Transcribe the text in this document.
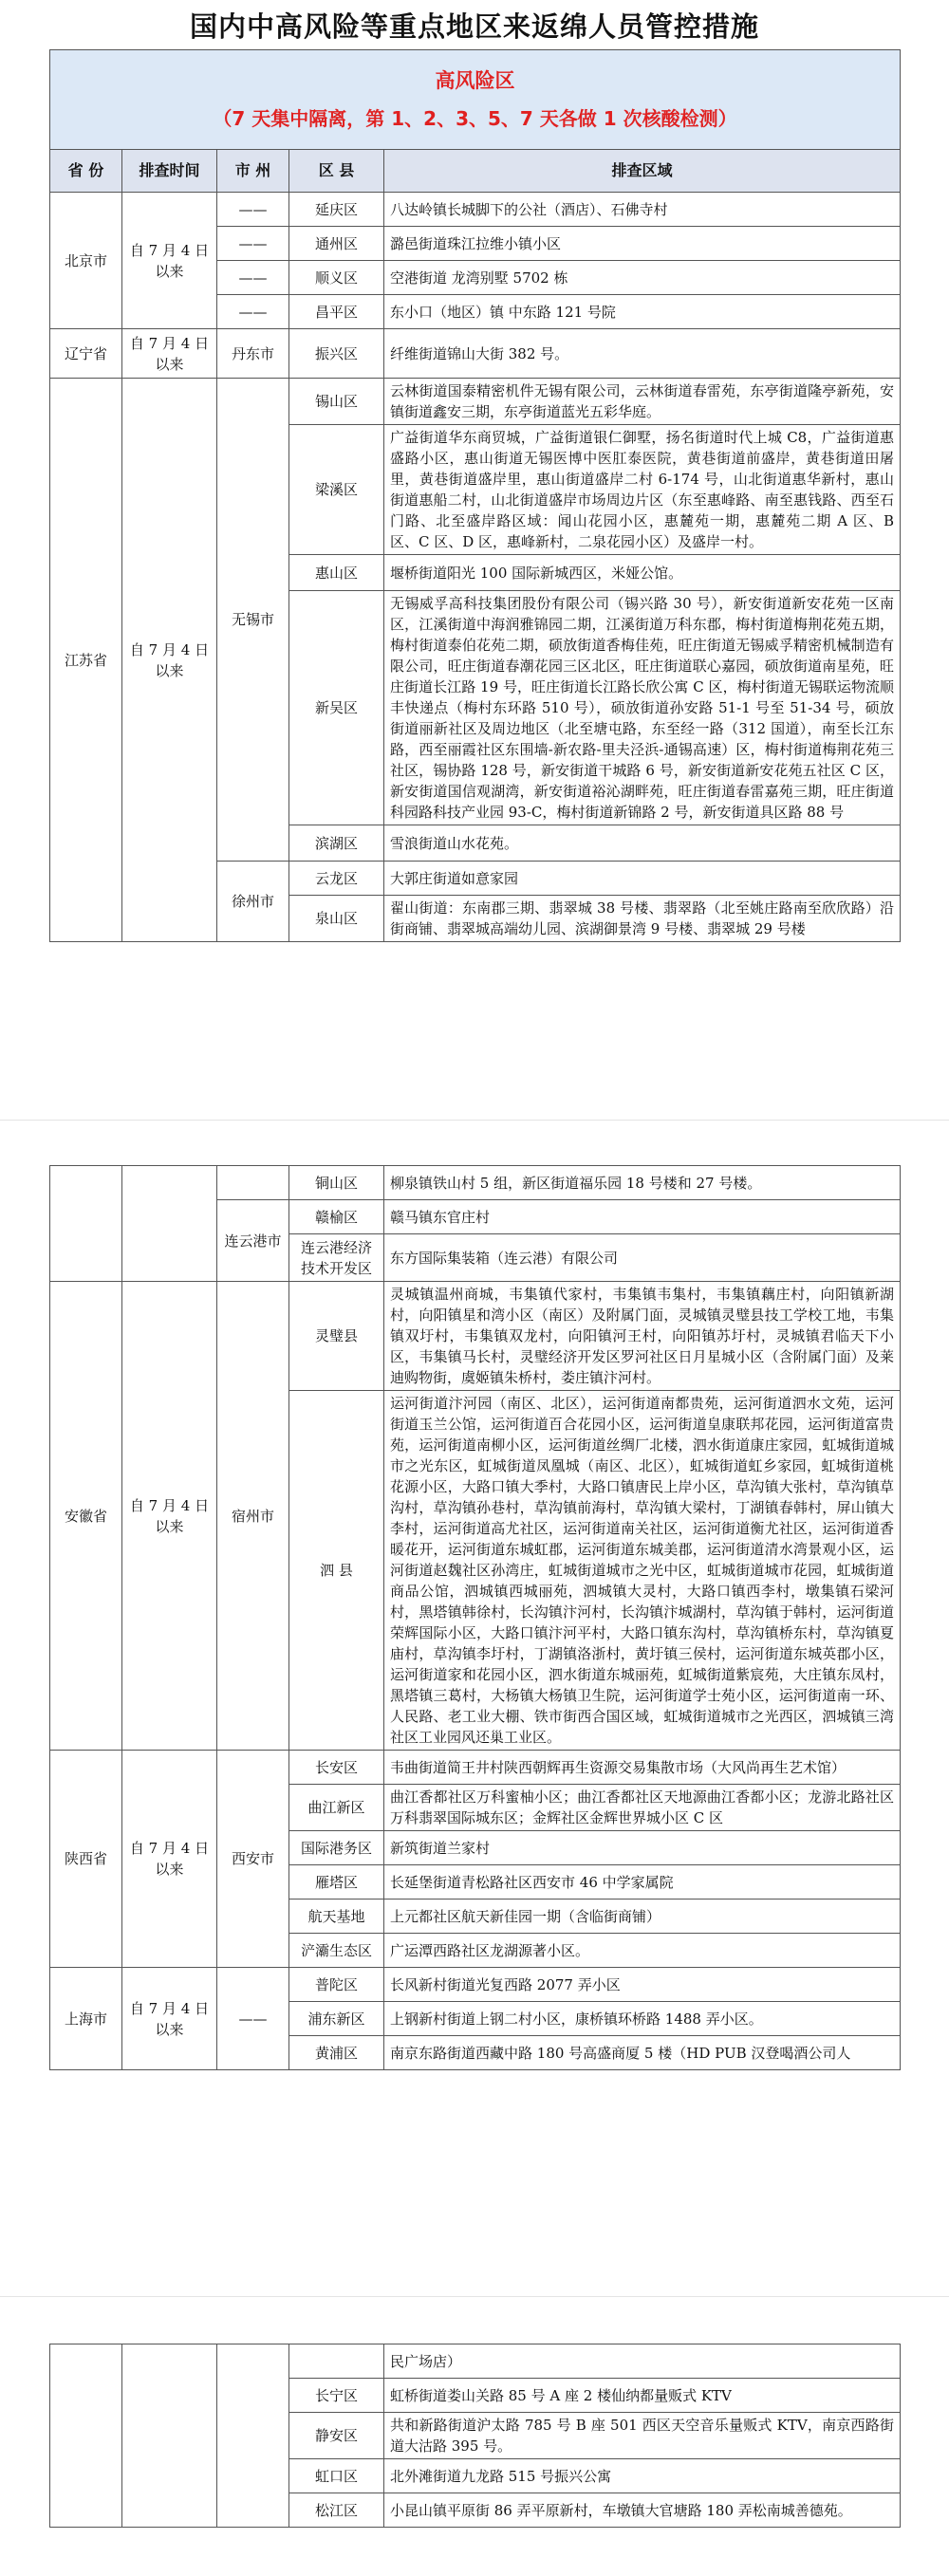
国内中高风险等重点地区来返绵人员管控措施
高风险区
（7 天集中隔离，第 1、2、3、5、7 天各做 1 次核酸检测）				

省 份	排查时间	市 州	区 县	排查区域
北京市	自 7 月 4 日以来	——	延庆区	八达岭镇长城脚下的公社（酒店）、石佛寺村
		——	通州区	潞邑街道珠江拉维小镇小区
		——	顺义区	空港街道 龙湾别墅 5702 栋
		——	昌平区	东小口（地区）镇 中东路 121 号院
辽宁省	自 7 月 4 日以来	丹东市	振兴区	纤维街道锦山大街 382 号。
江苏省	自 7 月 4 日以来	无锡市	锡山区	云林街道国泰精密机件无锡有限公司，云林街道春雷苑，东亭街道隆亭新苑，安镇街道鑫安三期，东亭街道蓝光五彩华庭。
			梁溪区	广益街道华东商贸城，广益街道银仁御墅，扬名街道时代上城 C8，广益街道惠盛路小区，惠山街道无锡医博中医肛泰医院，黄巷街道前盛岸，黄巷街道田屠里，黄巷街道盛岸里，惠山街道盛岸二村 6-174 号，山北街道惠华新村，惠山街道惠船二村，山北街道盛岸市场周边片区（东至惠峰路、南至惠钱路、西至石门路、北至盛岸路区域：闻山花园小区，惠麓苑一期，惠麓苑二期 A 区、B 区、C 区、D 区，惠峰新村，二泉花园小区）及盛岸一村。
			惠山区	堰桥街道阳光 100 国际新城西区，米娅公馆。
			新吴区	无锡威孚高科技集团股份有限公司（锡兴路 30 号），新安街道新安花苑一区南区，江溪街道中海润雅锦园二期，江溪街道万科东郡，梅村街道梅荆花苑五期，梅村街道泰伯花苑二期，硕放街道香梅佳苑，旺庄街道无锡威孚精密机械制造有限公司，旺庄街道春潮花园三区北区，旺庄街道联心嘉园，硕放街道南星苑，旺庄街道长江路 19 号，旺庄街道长江路长欣公寓 C 区，梅村街道无锡联运物流顺丰快递点（梅村东环路 510 号），硕放街道孙安路 51-1 号至 51-34 号，硕放街道丽新社区及周边地区（北至塘屯路，东至经一路（312 国道），南至长江东路，西至丽霞社区东围墙-新农路-里夫泾浜-通锡高速）区，梅村街道梅荆花苑三社区，锡协路 128 号，新安街道干城路 6 号，新安街道新安花苑五社区 C 区，新安街道国信观湖湾，新安街道裕沁湖畔苑，旺庄街道春雷嘉苑三期，旺庄街道科园路科技产业园 93-C，梅村街道新锦路 2 号，新安街道具区路 88 号
			滨湖区	雪浪街道山水花苑。
		徐州市	云龙区	大郭庄街道如意家园
			泉山区	翟山街道：东南郡三期、翡翠城 38 号楼、翡翠路（北至姚庄路南至欣欣路）沿街商铺、翡翠城高端幼儿园、滨湖御景湾 9 号楼、翡翠城 29 号楼
			铜山区	柳泉镇铁山村 5 组，新区街道福乐园 18 号楼和 27 号楼。
		连云港市	赣榆区	赣马镇东官庄村
			连云港经济技术开发区	东方国际集装箱（连云港）有限公司
安徽省	自 7 月 4 日以来	宿州市	灵璧县	灵城镇温州商城，韦集镇代家村，韦集镇韦集村，韦集镇藕庄村，向阳镇新湖村，向阳镇星和湾小区（南区）及附属门面，灵城镇灵璧县技工学校工地，韦集镇双圩村，韦集镇双龙村，向阳镇河王村，向阳镇苏圩村，灵城镇君临天下小区，韦集镇马长村，灵璧经济开发区罗河社区日月星城小区（含附属门面）及莱迪购物街，虞姬镇朱桥村，娄庄镇汴河村。
			泗 县	运河街道汴河园（南区、北区），运河街道南都贵苑，运河街道泗水文苑，运河街道玉兰公馆，运河街道百合花园小区，运河街道皇康联邦花园，运河街道富贵苑，运河街道南柳小区，运河街道丝绸厂北楼，泗水街道康庄家园，虹城街道城市之光东区，虹城街道凤凰城（南区、北区），虹城街道虹乡家园，虹城街道桃花源小区，大路口镇大季村，大路口镇唐民上岸小区，草沟镇大张村，草沟镇草沟村，草沟镇孙巷村，草沟镇前海村，草沟镇大梁村，丁湖镇春韩村，屏山镇大李村，运河街道高尤社区，运河街道南关社区，运河街道衡尤社区，运河街道香暖花开，运河街道东城虹郡，运河街道东城美郡，运河街道清水湾景观小区，运河街道赵魏社区孙湾庄，虹城街道城市之光中区，虹城街道城市花园，虹城街道商品公馆，泗城镇西城丽苑，泗城镇大灵村，大路口镇西李村，墩集镇石梁河村，黑塔镇韩徐村，长沟镇汴河村，长沟镇汴城湖村，草沟镇于韩村，运河街道荣辉国际小区，大路口镇汴河平村，大路口镇东沟村，草沟镇桥东村，草沟镇夏庙村，草沟镇李圩村，丁湖镇洛浙村，黄圩镇三侯村，运河街道东城英郡小区，运河街道家和花园小区，泗水街道东城丽苑，虹城街道紫宸苑，大庄镇东凤村，黑塔镇三葛村，大杨镇大杨镇卫生院，运河街道学士苑小区，运河街道南一环、人民路、老工业大棚、铁市街西合国区域，虹城街道城市之光西区，泗城镇三湾社区工业园风还巢工业区。
陕西省	自 7 月 4 日以来	西安市	长安区	韦曲街道简王井村陕西朝辉再生资源交易集散市场（大风尚再生艺术馆）
			曲江新区	曲江香都社区万科蜜柚小区；曲江香都社区天地源曲江香都小区；龙游北路社区万科翡翠国际城东区；金辉社区金辉世界城小区 C 区
			国际港务区	新筑街道兰家村
			雁塔区	长延堡街道青松路社区西安市 46 中学家属院
			航天基地	上元都社区航天新佳园一期（含临街商铺）
			浐灞生态区	广运潭西路社区龙湖源著小区。
上海市	自 7 月 4 日以来	——	普陀区	长风新村街道光复西路 2077 弄小区
			浦东新区	上钢新村街道上钢二村小区，康桥镇环桥路 1488 弄小区。
			黄浦区	南京东路街道西藏中路 180 号高盛商厦 5 楼（HD PUB 汉登喝酒公司人
				民广场店）
			长宁区	虹桥街道娄山关路 85 号 A 座 2 楼仙纳都量贩式 KTV
			静安区	共和新路街道沪太路 785 号 B 座 501 西区天空音乐量贩式 KTV，南京西路街道大沽路 395 号。
			虹口区	北外滩街道九龙路 515 号振兴公寓
			松江区	小昆山镇平原街 86 弄平原新村，车墩镇大官塘路 180 弄松南城善德苑。
